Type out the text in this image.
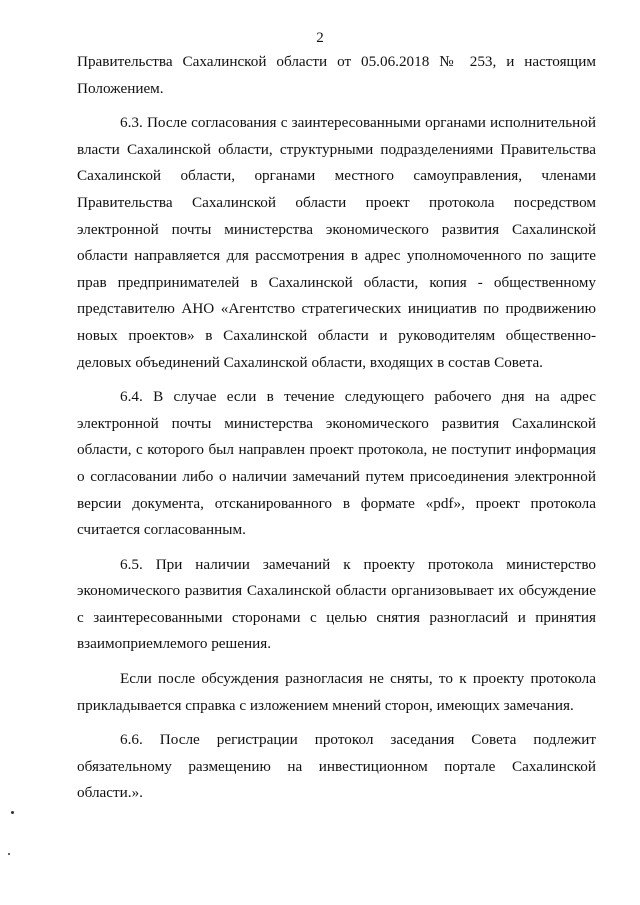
2

Правительства Сахалинской области от 05.06.2018 № 253, и настоящим Положением.

6.3. После согласования с заинтересованными органами исполнительной власти Сахалинской области, структурными подразделениями Правительства Сахалинской области, органами местного самоуправления, членами Правительства Сахалинской области проект протокола посредством электронной почты министерства экономического развития Сахалинской области направляется для рассмотрения в адрес уполномоченного по защите прав предпринимателей в Сахалинской области, копия - общественному представителю АНО «Агентство стратегических инициатив по продвижению новых проектов» в Сахалинской области и руководителям общественно-деловых объединений Сахалинской области, входящих в состав Совета.

6.4. В случае если в течение следующего рабочего дня на адрес электронной почты министерства экономического развития Сахалинской области, с которого был направлен проект протокола, не поступит информация о согласовании либо о наличии замечаний путем присоединения электронной версии документа, отсканированного в формате «pdf», проект протокола считается согласованным.

6.5. При наличии замечаний к проекту протокола министерство экономического развития Сахалинской области организовывает их обсуждение с заинтересованными сторонами с целью снятия разногласий и принятия взаимоприемлемого решения.

Если после обсуждения разногласия не сняты, то к проекту протокола прикладывается справка с изложением мнений сторон, имеющих замечания.

6.6. После регистрации протокол заседания Совета подлежит обязательному размещению на инвестиционном портале Сахалинской области.».
